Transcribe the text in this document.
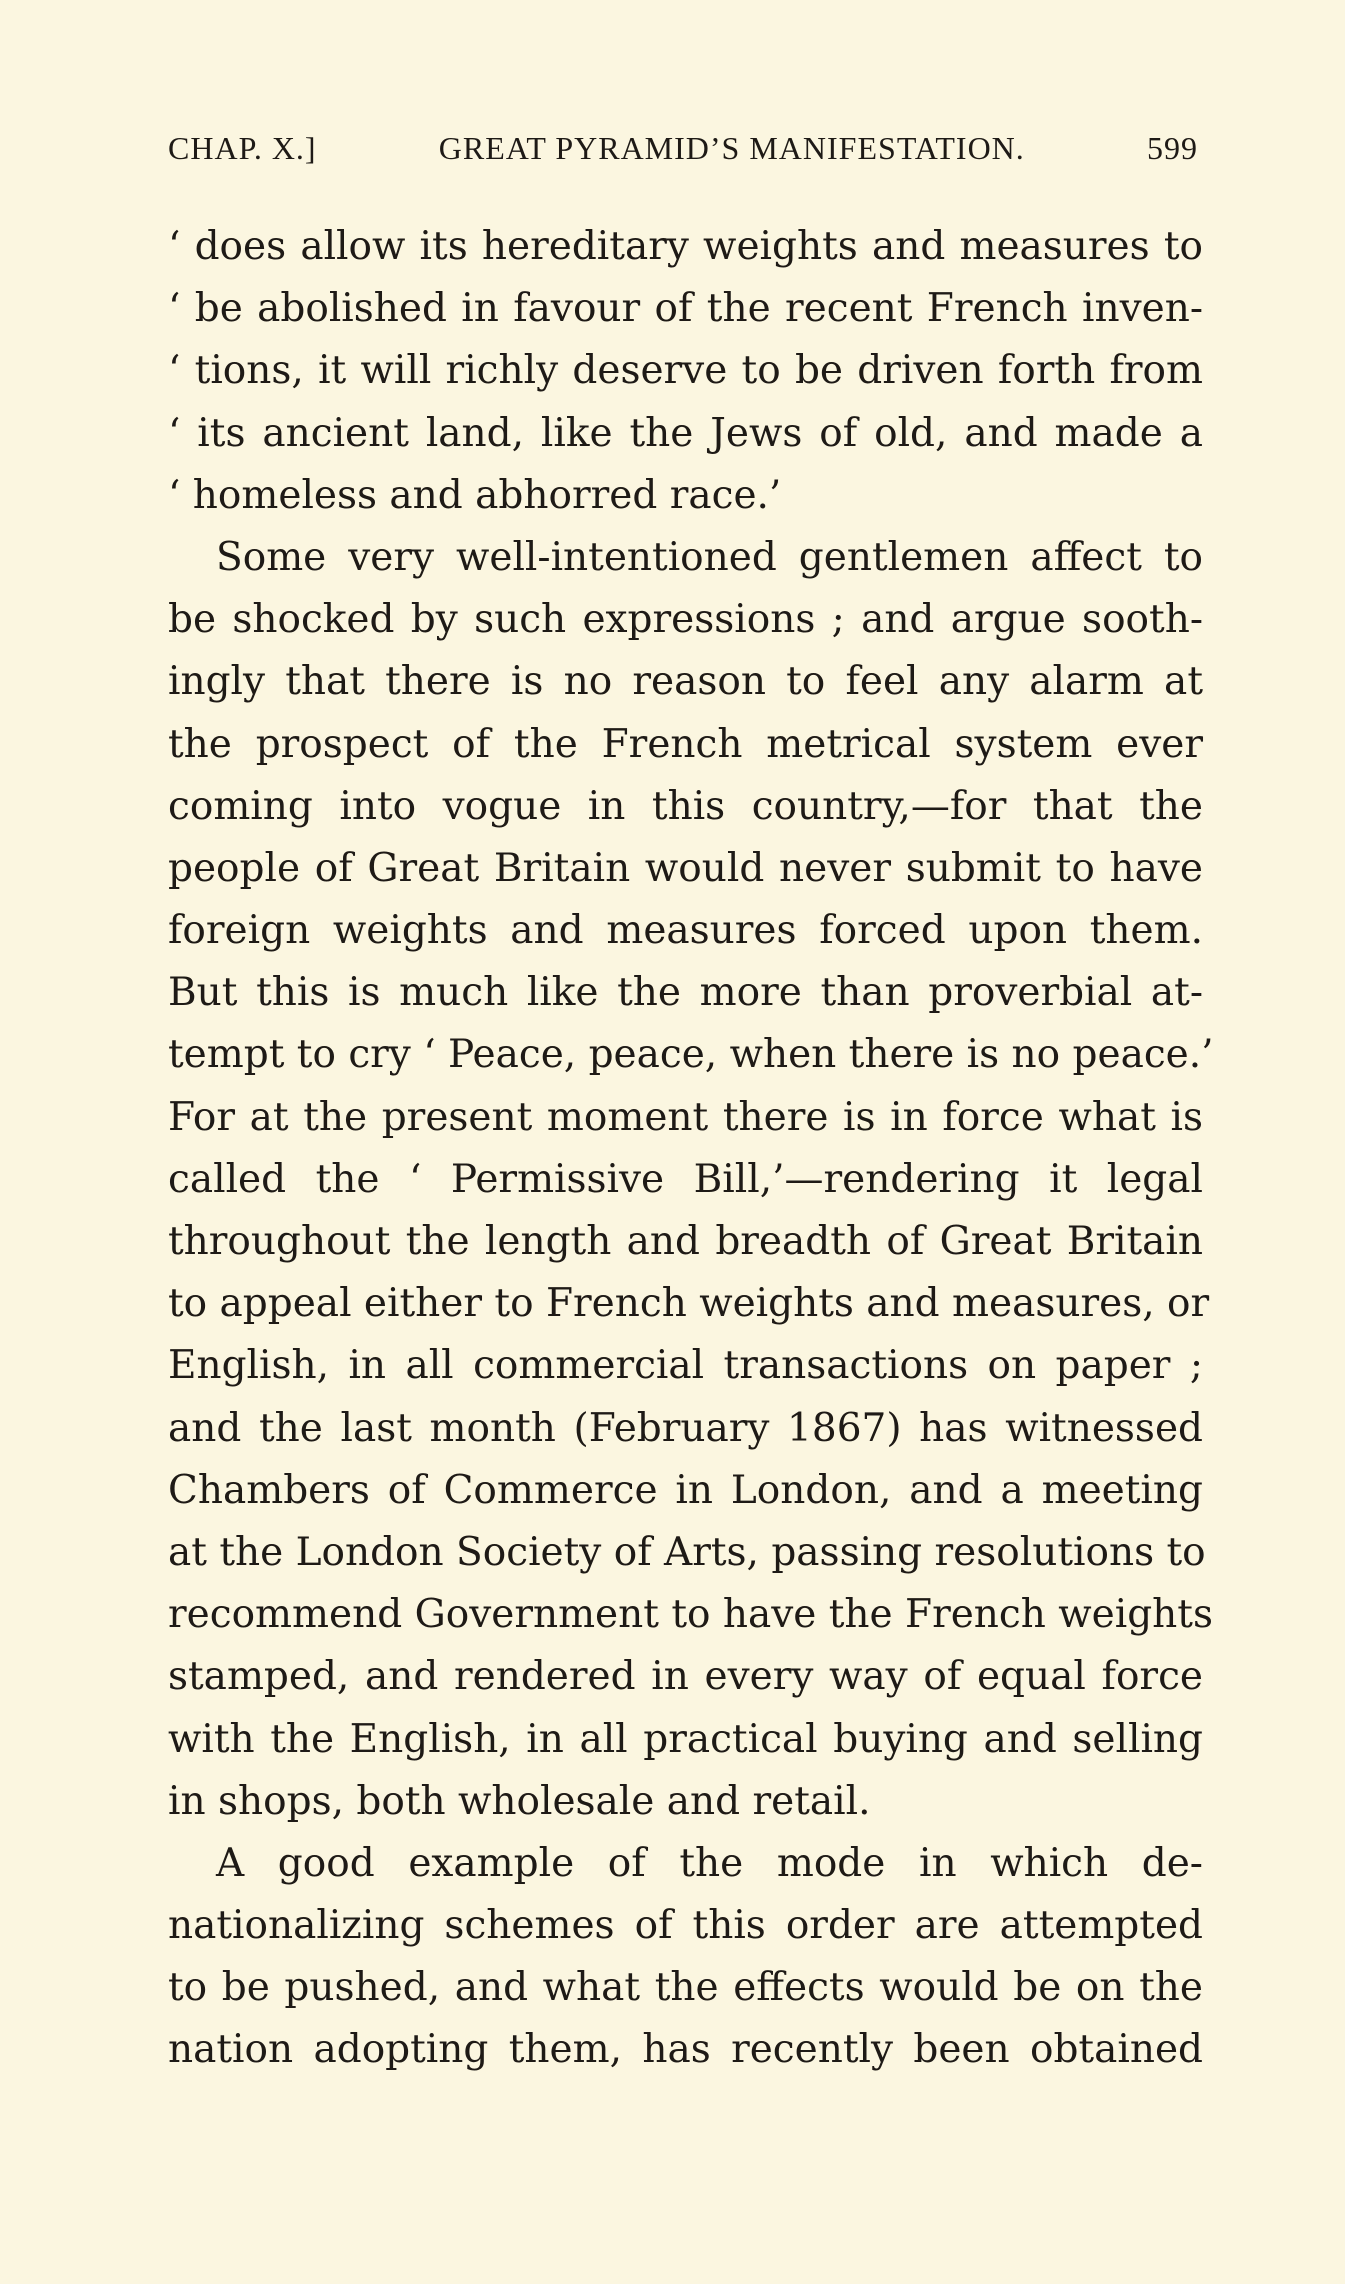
CHAP. X.]	GREAT PYRAMID’S MANIFESTATION.	599
‘ does allow its hereditary weights and measures to
‘ be abolished in favour of the recent French inven-
‘ tions, it will richly deserve to be driven forth from
‘ its ancient land, like the Jews of old, and made a
‘ homeless and abhorred race.’
Some very well-intentioned gentlemen affect to
be shocked by such expressions ; and argue sooth-
ingly that there is no reason to feel any alarm at
the prospect of the French metrical system ever
coming into vogue in this country,—for that the
people of Great Britain would never submit to have
foreign weights and measures forced upon them.
But this is much like the more than proverbial at-
tempt to cry ‘ Peace, peace, when there is no peace.’
For at the present moment there is in force what is
called the ‘ Permissive Bill,’—rendering it legal
throughout the length and breadth of Great Britain
to appeal either to French weights and measures, or
English, in all commercial transactions on paper ;
and the last month (February 1867) has witnessed
Chambers of Commerce in London, and a meeting
at the London Society of Arts, passing resolutions to
recommend Government to have the French weights
stamped, and rendered in every way of equal force
with the English, in all practical buying and selling
in shops, both wholesale and retail.
A good example of the mode in which de-
nationalizing schemes of this order are attempted
to be pushed, and what the effects would be on the
nation adopting them, has recently been obtained
